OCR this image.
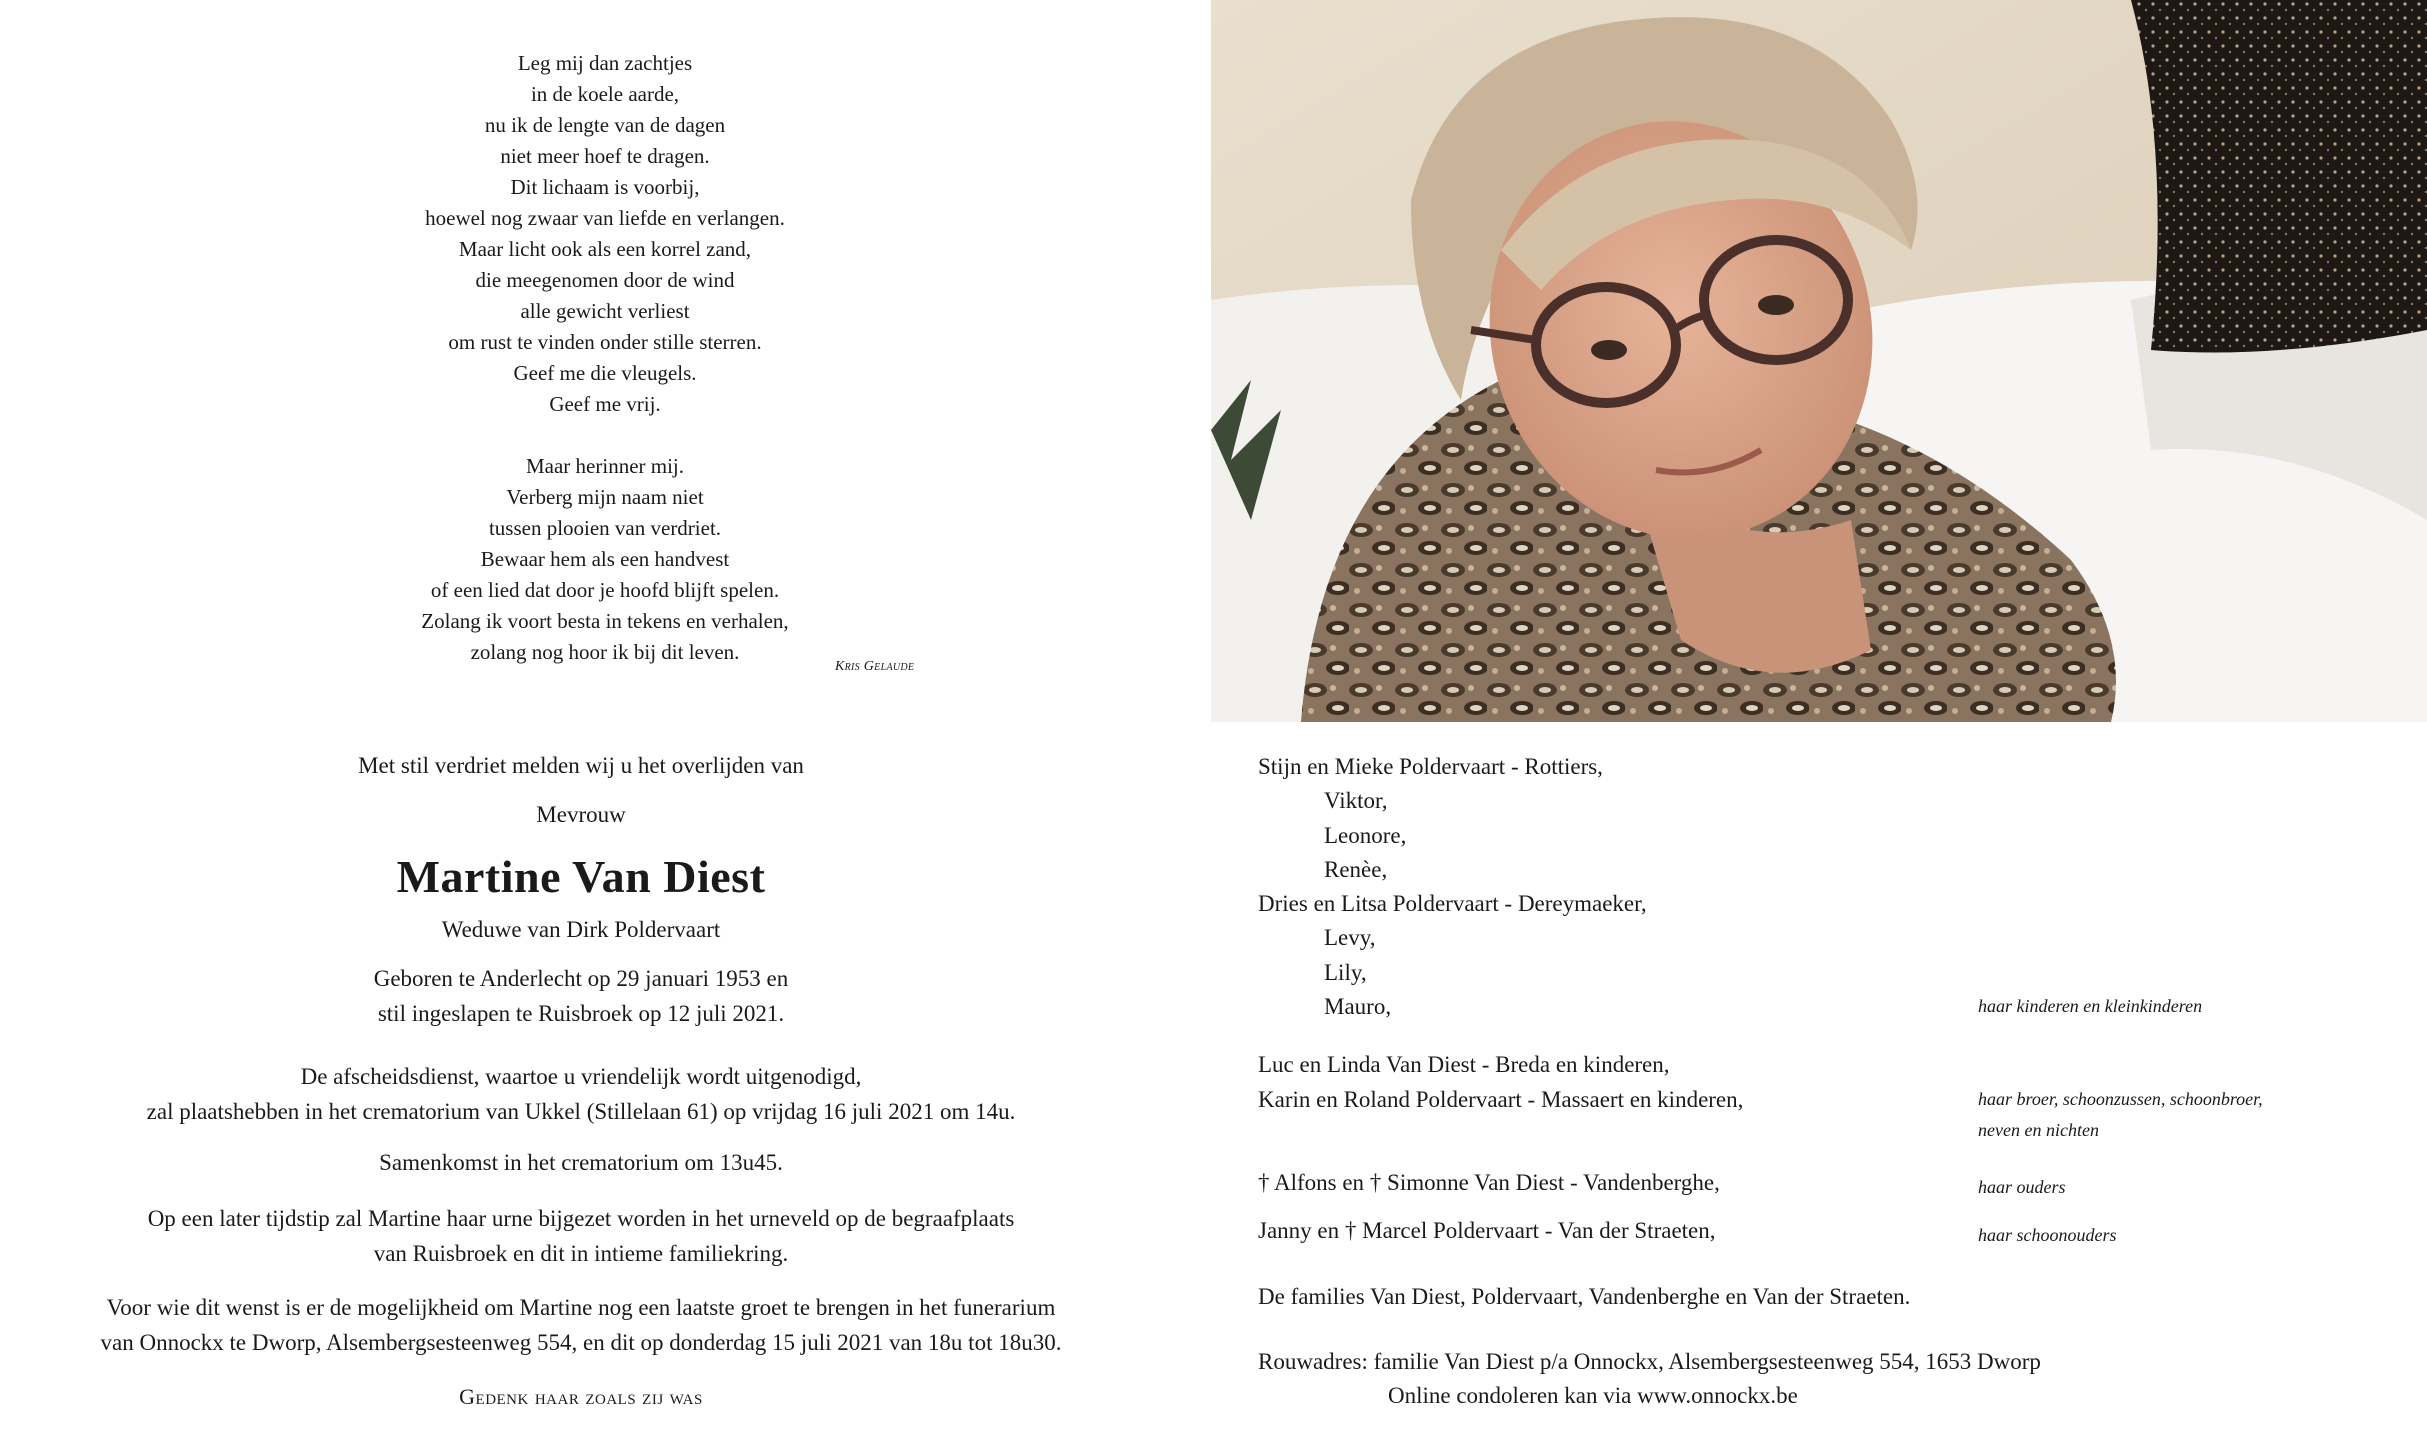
Leg mij dan zachtjes
in de koele aarde,
nu ik de lengte van de dagen
niet meer hoef te dragen.
Dit lichaam is voorbij,
hoewel nog zwaar van liefde en verlangen.
Maar licht ook als een korrel zand,
die meegenomen door de wind
alle gewicht verliest
om rust te vinden onder stille sterren.
Geef me die vleugels.
Geef me vrij.
Maar herinner mij.
Verberg mijn naam niet
tussen plooien van verdriet.
Bewaar hem als een handvest
of een lied dat door je hoofd blijft spelen.
Zolang ik voort besta in tekens en verhalen,
zolang nog hoor ik bij dit leven.
Kris Gelaude
Met stil verdriet melden wij u het overlijden van
Mevrouw
Martine Van Diest
Weduwe van Dirk Poldervaart
Geboren te Anderlecht op 29 januari 1953 en
stil ingeslapen te Ruisbroek op 12 juli 2021.
De afscheidsdienst, waartoe u vriendelijk wordt uitgenodigd,
zal plaatshebben in het crematorium van Ukkel (Stillelaan 61) op vrijdag 16 juli 2021 om 14u.
Samenkomst in het crematorium om 13u45.
Op een later tijdstip zal Martine haar urne bijgezet worden in het urneveld op de begraafplaats
van Ruisbroek en dit in intieme familiekring.
Voor wie dit wenst is er de mogelijkheid om Martine nog een laatste groet te brengen in het funerarium
van Onnockx te Dworp, Alsembergsesteenweg 554, en dit op donderdag 15 juli 2021 van 18u tot 18u30.
Gedenk haar zoals zij was
Stijn en Mieke Poldervaart - Rottiers,
Viktor,
Leonore,
Renèe,
Dries en Litsa Poldervaart - Dereymaeker,
Levy,
Lily,
Mauro,	haar kinderen en kleinkinderen
Luc en Linda Van Diest - Breda en kinderen,
Karin en Roland Poldervaart - Massaert en kinderen,	haar broer, schoonzussen, schoonbroer,
neven en nichten
† Alfons en † Simonne Van Diest - Vandenberghe,	haar ouders
Janny en † Marcel Poldervaart - Van der Straeten,	haar schoonouders
De families Van Diest, Poldervaart, Vandenberghe en Van der Straeten.
Rouwadres: familie Van Diest p/a Onnockx, Alsembergsesteenweg 554, 1653 Dworp
Online condoleren kan via www.onnockx.be
